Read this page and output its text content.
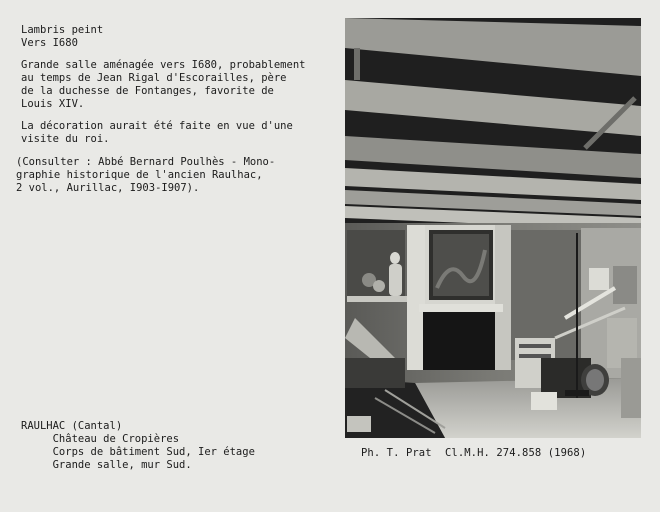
Lambris peint
Vers I680
Grande salle aménagée vers I680, probablement
au temps de Jean Rigal d'Escorailles, père
de la duchesse de Fontanges, favorite de
Louis XIV.
La décoration aurait été faite en vue d'une
visite du roi.
(Consulter : Abbé Bernard Poulhès - Mono-
graphie historique de l'ancien Raulhac,
2 vol., Aurillac, I903-I907).
RAULHAC (Cantal)
Château de Cropières
Corps de bâtiment Sud, Ier étage
Grande salle, mur Sud.
Ph. T. Prat Cl.M.H. 274.858 (1968)
